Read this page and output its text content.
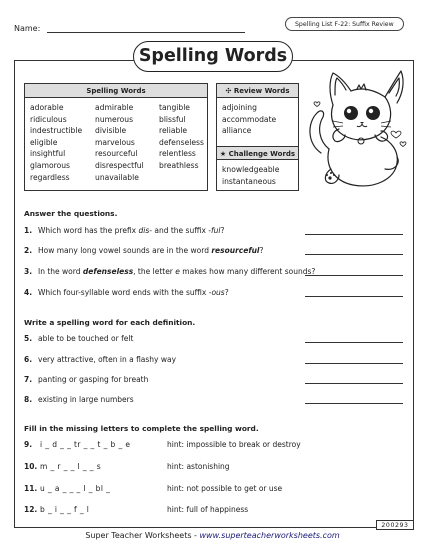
Name:	Spelling List F-22: Suffix Review
Spelling Words
Spelling Words
adorable
ridiculous
indestructible
eligible
insightful
glamorous
regardless
admirable
numerous
divisible
marvelous
resourceful
disrespectful
unavailable
tangible
blissful
reliable
defenseless
relentless
breathless
✣ Review Words
adjoining
accommodate
alliance
★ Challenge Words
knowledgeable
instantaneous
Answer the questions.
1. Which word has the prefix dis- and the suffix -ful?
2. How many long vowel sounds are in the word resourceful?
3. In the word defenseless, the letter e makes how many different sounds?
4. Which four-syllable word ends with the suffix -ous?
Write a spelling word for each definition.
5. able to be touched or felt
6. very attractive, often in a flashy way
7. panting or gasping for breath
8. existing in large numbers
Fill in the missing letters to complete the spelling word.
9. i _ d _ _ tr _ _ t _ b _ e	hint: impossible to break or destroy
10. m _ r _ _ l _ _ s	hint: astonishing
11. u _ a _ _ _ l _ bl _	hint: not possible to get or use
12. b _ i _ _ f _ l	hint: full of happiness
200293
Super Teacher Worksheets - www.superteacherworksheets.com
